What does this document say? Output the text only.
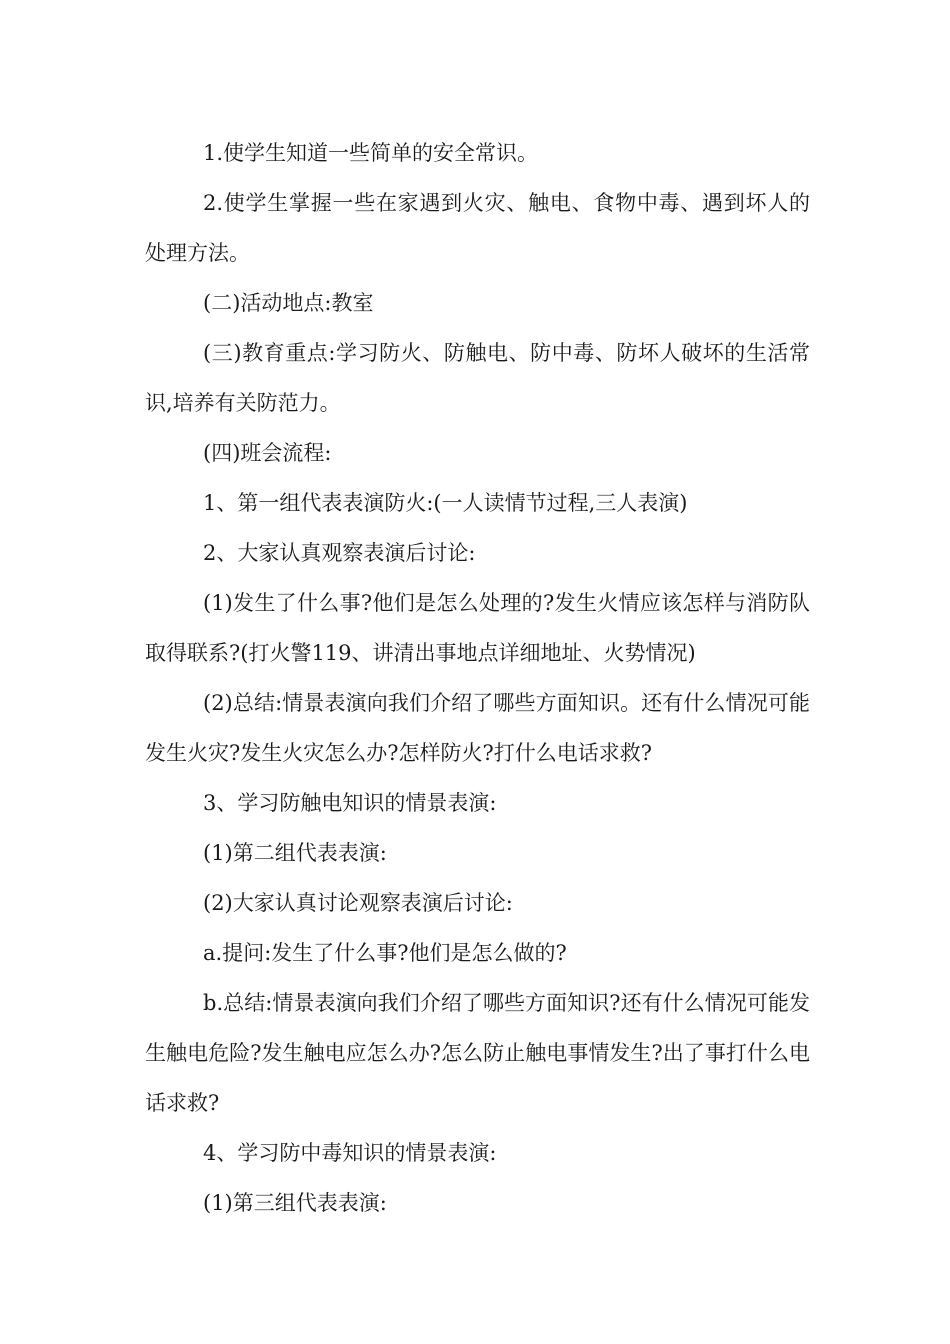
1.使学生知道一些简单的安全常识。

2.使学生掌握一些在家遇到火灾、触电、食物中毒、遇到坏人的处理方法。

(二)活动地点:教室

(三)教育重点:学习防火、防触电、防中毒、防坏人破坏的生活常识,培养有关防范力。

(四)班会流程:

1、第一组代表表演防火:(一人读情节过程,三人表演)

2、大家认真观察表演后讨论:

(1)发生了什么事?他们是怎么处理的?发生火情应该怎样与消防队取得联系?(打火警119、讲清出事地点详细地址、火势情况)

(2)总结:情景表演向我们介绍了哪些方面知识。还有什么情况可能发生火灾?发生火灾怎么办?怎样防火?打什么电话求救?

3、学习防触电知识的情景表演:

(1)第二组代表表演:

(2)大家认真讨论观察表演后讨论:

a.提问:发生了什么事?他们是怎么做的?

b.总结:情景表演向我们介绍了哪些方面知识?还有什么情况可能发生触电危险?发生触电应怎么办?怎么防止触电事情发生?出了事打什么电话求救?

4、学习防中毒知识的情景表演:

(1)第三组代表表演:
